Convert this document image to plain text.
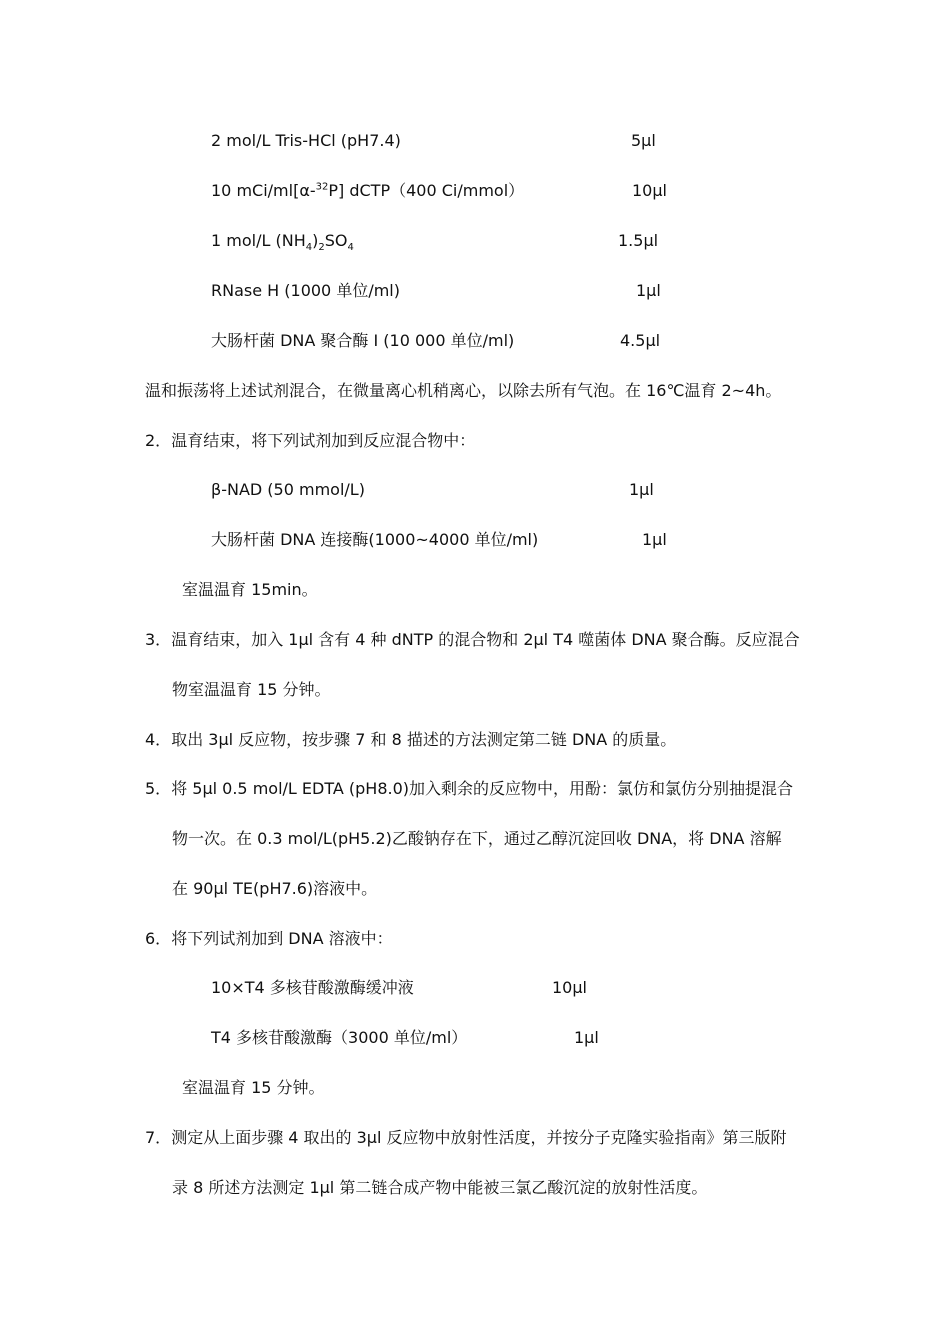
2 mol/L Tris-HCl (pH7.4)	5μl
10 mCi/ml[α-$^{32}$P] dCTP（400 Ci/mmol）	10μl
1 mol/L $(NH_4)_2SO_4$	1.5μl
RNase H (1000 单位/ml)	1μl
大肠杆菌 DNA 聚合酶 I (10 000 单位/ml)	4.5μl
温和振荡将上述试剂混合，在微量离心机稍离心，以除去所有气泡。在 16℃温育 2~4h。
2．温育结束，将下列试剂加到反应混合物中：
β-NAD (50 mmol/L)	1μl
大肠杆菌 DNA 连接酶(1000~4000 单位/ml)	1μl
室温温育 15min。
3．温育结束，加入 1μl 含有 4 种 dNTP 的混合物和 2μl T4 噬菌体 DNA 聚合酶。反应混合
物室温温育 15 分钟。
4．取出 3μl 反应物，按步骤 7 和 8 描述的方法测定第二链 DNA 的质量。
5．将 5μl 0.5 mol/L EDTA (pH8.0)加入剩余的反应物中，用酚：氯仿和氯仿分别抽提混合
物一次。在 0.3 mol/L(pH5.2)乙酸钠存在下，通过乙醇沉淀回收 DNA，将 DNA 溶解
在 90μl TE(pH7.6)溶液中。
6．将下列试剂加到 DNA 溶液中：
10×T4 多核苷酸激酶缓冲液	10μl
T4 多核苷酸激酶（3000 单位/ml）	1μl
室温温育 15 分钟。
7．测定从上面步骤 4 取出的 3μl 反应物中放射性活度，并按分子克隆实验指南》第三版附
录 8 所述方法测定 1μl 第二链合成产物中能被三氯乙酸沉淀的放射性活度。
